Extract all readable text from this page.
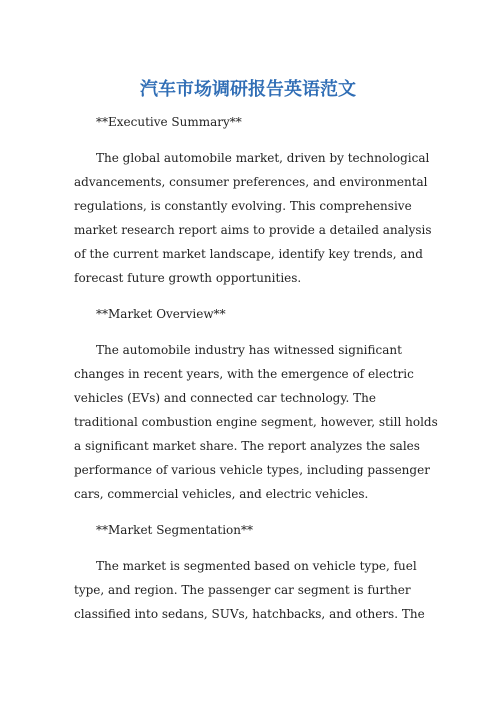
汽车市场调研报告英语范文

**Executive Summary**

The global automobile market, driven by technological advancements, consumer preferences, and environmental regulations, is constantly evolving. This comprehensive market research report aims to provide a detailed analysis of the current market landscape, identify key trends, and forecast future growth opportunities.

**Market Overview**

The automobile industry has witnessed significant changes in recent years, with the emergence of electric vehicles (EVs) and connected car technology. The traditional combustion engine segment, however, still holds a significant market share. The report analyzes the sales performance of various vehicle types, including passenger cars, commercial vehicles, and electric vehicles.

**Market Segmentation**

The market is segmented based on vehicle type, fuel type, and region. The passenger car segment is further classified into sedans, SUVs, hatchbacks, and others. The
